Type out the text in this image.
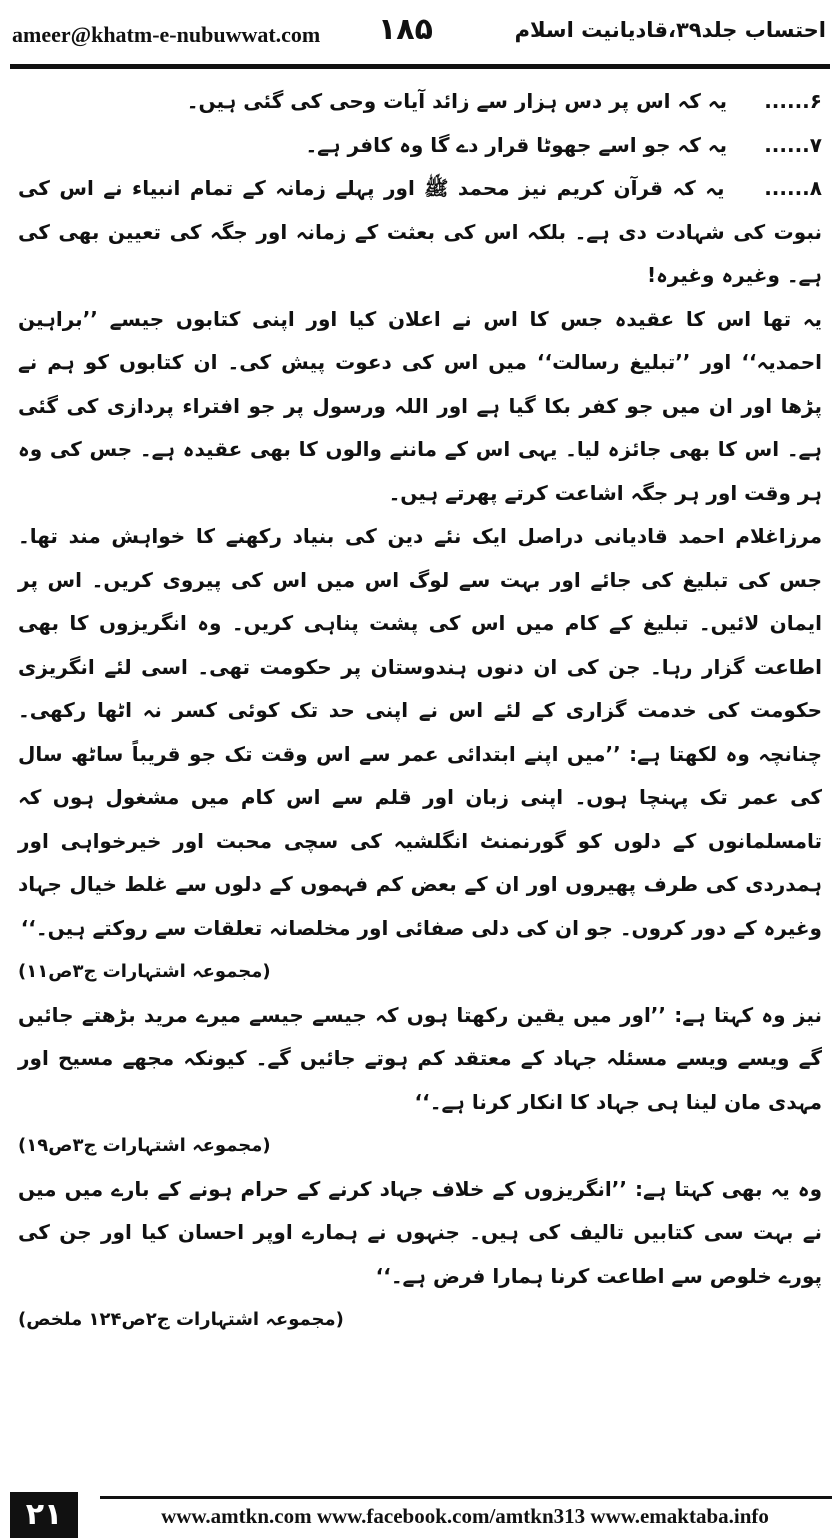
ameer@khatm-e-nubuwwat.com ۱۸۵	احتساب جلد۳۹،قادیانیت اسلام

۶...... یہ کہ اس پر دس ہزار سے زائد آیات وحی کی گئی ہیں۔

۷...... یہ کہ جو اسے جھوٹا قرار دے گا وہ کافر ہے۔

۸...... یہ کہ قرآن کریم نیز محمد ﷺ اور پہلے زمانہ کے تمام انبیاء نے اس کی نبوت کی شہادت دی ہے۔ بلکہ اس کی بعثت کے زمانہ اور جگہ کی تعیین بھی کی ہے۔ وغیرہ وغیرہ!

یہ تھا اس کا عقیدہ جس کا اس نے اعلان کیا اور اپنی کتابوں جیسے ’’براہین احمدیہ‘‘ اور ’’تبلیغ رسالت‘‘ میں اس کی دعوت پیش کی۔ ان کتابوں کو ہم نے پڑھا اور ان میں جو کفر بکا گیا ہے اور اللہ ورسول پر جو افتراء پردازی کی گئی ہے۔ اس کا بھی جائزہ لیا۔ یہی اس کے ماننے والوں کا بھی عقیدہ ہے۔ جس کی وہ ہر وقت اور ہر جگہ اشاعت کرتے پھرتے ہیں۔

مرزاغلام احمد قادیانی دراصل ایک نئے دین کی بنیاد رکھنے کا خواہش مند تھا۔ جس کی تبلیغ کی جائے اور بہت سے لوگ اس میں اس کی پیروی کریں۔ اس پر ایمان لائیں۔ تبلیغ کے کام میں اس کی پشت پناہی کریں۔ وہ انگریزوں کا بھی اطاعت گزار رہا۔ جن کی ان دنوں ہندوستان پر حکومت تھی۔ اسی لئے انگریزی حکومت کی خدمت گزاری کے لئے اس نے اپنی حد تک کوئی کسر نہ اٹھا رکھی۔ چنانچہ وہ لکھتا ہے: ’’میں اپنے ابتدائی عمر سے اس وقت تک جو قریباً ساٹھ سال کی عمر تک پہنچا ہوں۔ اپنی زبان اور قلم سے اس کام میں مشغول ہوں کہ تامسلمانوں کے دلوں کو گورنمنٹ انگلشیہ کی سچی محبت اور خیرخواہی اور ہمدردی کی طرف پھیروں اور ان کے بعض کم فہموں کے دلوں سے غلط خیال جہاد وغیرہ کے دور کروں۔ جو ان کی دلی صفائی اور مخلصانہ تعلقات سے روکتے ہیں۔‘‘

(مجموعہ اشتہارات ج۳ص۱۱)

نیز وہ کہتا ہے: ’’اور میں یقین رکھتا ہوں کہ جیسے جیسے میرے مرید بڑھتے جائیں گے ویسے ویسے مسئلہ جہاد کے معتقد کم ہوتے جائیں گے۔ کیونکہ مجھے مسیح اور مہدی مان لینا ہی جہاد کا انکار کرنا ہے۔‘‘

(مجموعہ اشتہارات ج۳ص۱۹)

وہ یہ بھی کہتا ہے: ’’انگریزوں کے خلاف جہاد کرنے کے حرام ہونے کے بارے میں میں نے بہت سی کتابیں تالیف کی ہیں۔ جنہوں نے ہمارے اوپر احسان کیا اور جن کی پورے خلوص سے اطاعت کرنا ہمارا فرض ہے۔‘‘

(مجموعہ اشتہارات ج۲ص۱۲۴ ملخص)
۲۱	www.amtkn.com www.facebook.com/amtkn313 www.emaktaba.info
